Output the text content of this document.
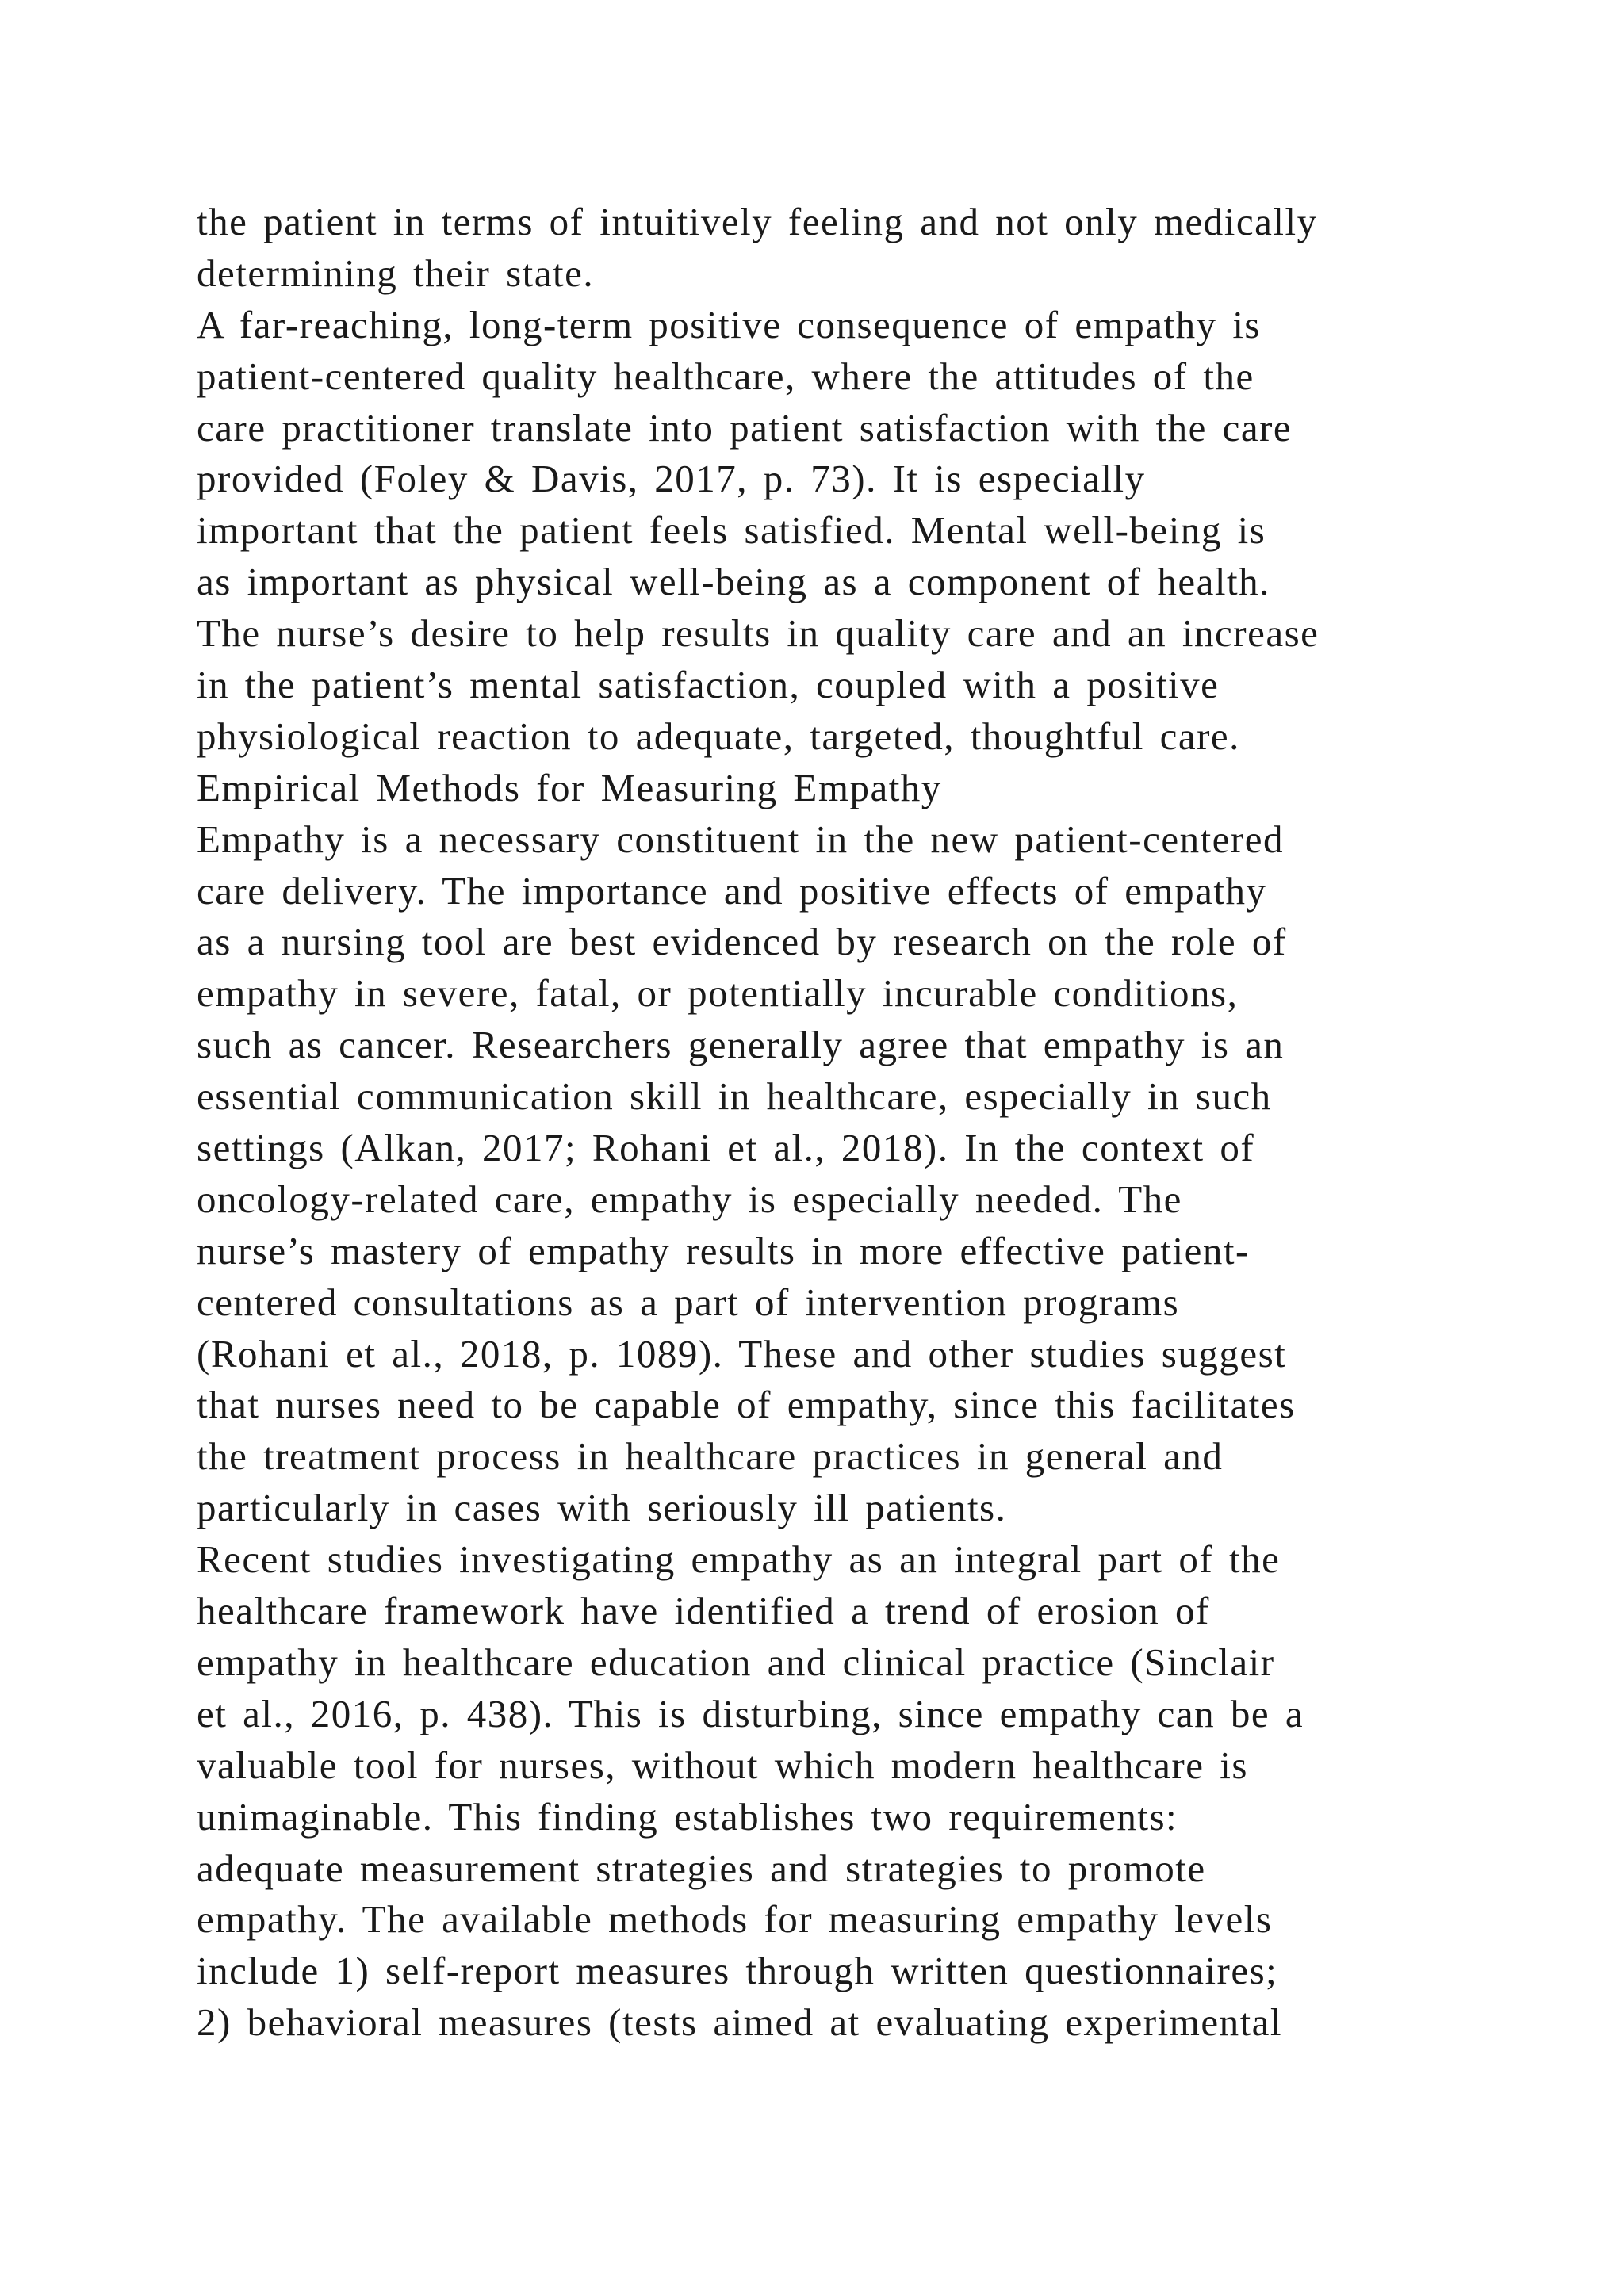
the patient in terms of intuitively feeling and not only medically
determining their state.
A far-reaching, long-term positive consequence of empathy is
patient-centered quality healthcare, where the attitudes of the
care practitioner translate into patient satisfaction with the care
provided (Foley & Davis, 2017, p. 73). It is especially
important that the patient feels satisfied. Mental well-being is
as important as physical well-being as a component of health.
The nurse’s desire to help results in quality care and an increase
in the patient’s mental satisfaction, coupled with a positive
physiological reaction to adequate, targeted, thoughtful care.
Empirical Methods for Measuring Empathy
Empathy is a necessary constituent in the new patient-centered
care delivery. The importance and positive effects of empathy
as a nursing tool are best evidenced by research on the role of
empathy in severe, fatal, or potentially incurable conditions,
such as cancer. Researchers generally agree that empathy is an
essential communication skill in healthcare, especially in such
settings (Alkan, 2017; Rohani et al., 2018). In the context of
oncology-related care, empathy is especially needed. The
nurse’s mastery of empathy results in more effective patient-
centered consultations as a part of intervention programs
(Rohani et al., 2018, p. 1089). These and other studies suggest
that nurses need to be capable of empathy, since this facilitates
the treatment process in healthcare practices in general and
particularly in cases with seriously ill patients.
Recent studies investigating empathy as an integral part of the
healthcare framework have identified a trend of erosion of
empathy in healthcare education and clinical practice (Sinclair
et al., 2016, p. 438). This is disturbing, since empathy can be a
valuable tool for nurses, without which modern healthcare is
unimaginable. This finding establishes two requirements:
adequate measurement strategies and strategies to promote
empathy. The available methods for measuring empathy levels
include 1) self-report measures through written questionnaires;
2) behavioral measures (tests aimed at evaluating experimental
